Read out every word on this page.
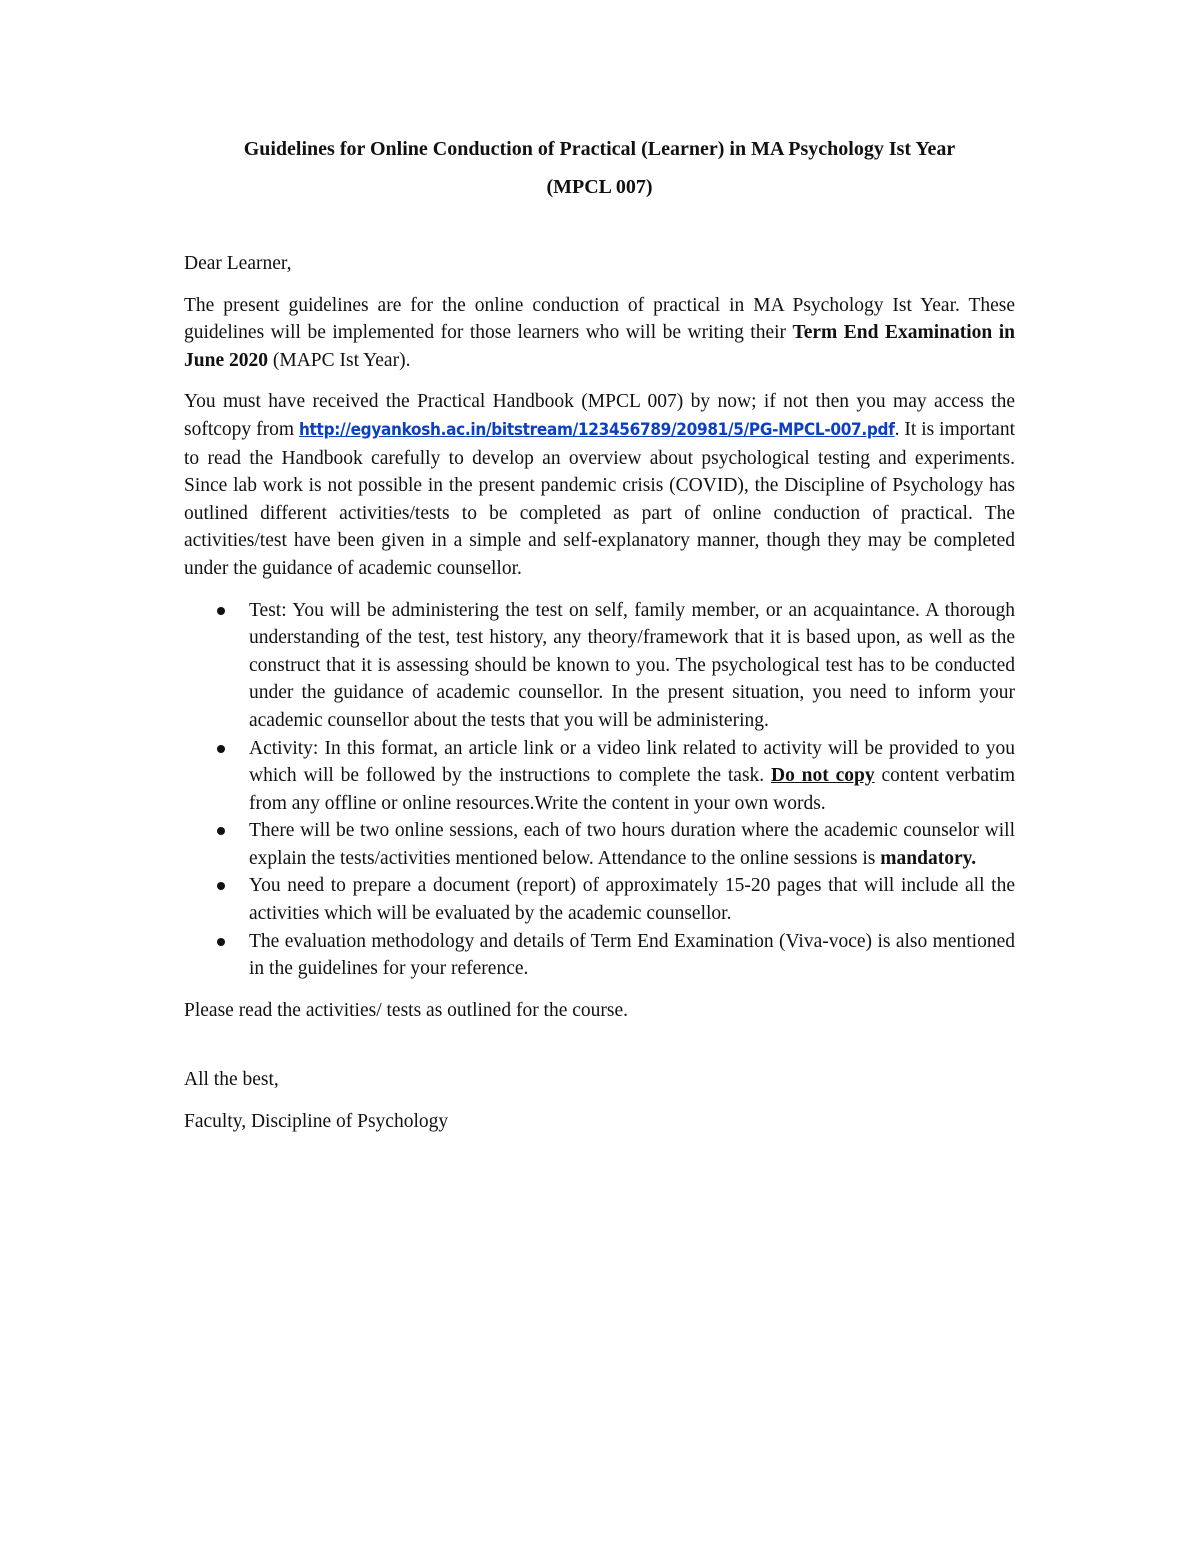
Guidelines for Online Conduction of Practical (Learner) in MA Psychology Ist Year
(MPCL 007)

Dear Learner,

The present guidelines are for the online conduction of practical in MA Psychology Ist Year. These guidelines will be implemented for those learners who will be writing their Term End Examination in June 2020 (MAPC Ist Year).

You must have received the Practical Handbook (MPCL 007) by now; if not then you may access the softcopy from http://egyankosh.ac.in/bitstream/123456789/20981/5/PG-MPCL-007.pdf. It is important to read the Handbook carefully to develop an overview about psychological testing and experiments. Since lab work is not possible in the present pandemic crisis (COVID), the Discipline of Psychology has outlined different activities/tests to be completed as part of online conduction of practical. The activities/test have been given in a simple and self-explanatory manner, though they may be completed under the guidance of academic counsellor.

Test: You will be administering the test on self, family member, or an acquaintance. A thorough understanding of the test, test history, any theory/framework that it is based upon, as well as the construct that it is assessing should be known to you. The psychological test has to be conducted under the guidance of academic counsellor. In the present situation, you need to inform your academic counsellor about the tests that you will be administering.
Activity: In this format, an article link or a video link related to activity will be provided to you which will be followed by the instructions to complete the task. Do not copy content verbatim from any offline or online resources.Write the content in your own words.
There will be two online sessions, each of two hours duration where the academic counselor will explain the tests/activities mentioned below. Attendance to the online sessions is mandatory.
You need to prepare a document (report) of approximately 15-20 pages that will include all the activities which will be evaluated by the academic counsellor.
The evaluation methodology and details of Term End Examination (Viva-voce) is also mentioned in the guidelines for your reference.

Please read the activities/ tests as outlined for the course.

All the best,

Faculty, Discipline of Psychology
